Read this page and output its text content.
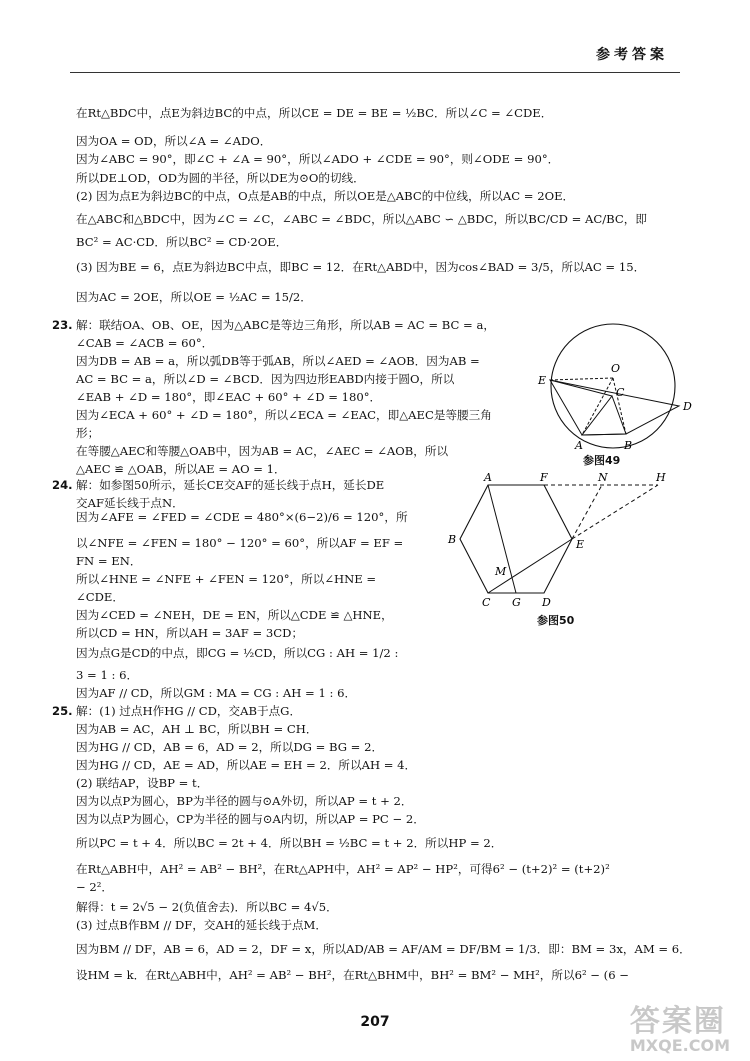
参考答案
在Rt△BDC中，点E为斜边BC的中点，所以CE = DE = BE = ½BC．所以∠C = ∠CDE．
因为OA = OD，所以∠A = ∠ADO．
因为∠ABC = 90°，即∠C + ∠A = 90°，所以∠ADO + ∠CDE = 90°，则∠ODE = 90°．
所以DE⊥OD，OD为圆的半径，所以DE为⊙O的切线．
(2) 因为点E为斜边BC的中点，O点是AB的中点，所以OE是△ABC的中位线，所以AC = 2OE．
在△ABC和△BDC中，因为∠C = ∠C，∠ABC = ∠BDC，所以△ABC ∽ △BDC，所以BC/CD = AC/BC，即
BC² = AC·CD．所以BC² = CD·2OE．
(3) 因为BE = 6，点E为斜边BC中点，即BC = 12．在Rt△ABD中，因为cos∠BAD = 3/5，所以AC = 15．
因为AC = 2OE，所以OE = ½AC = 15/2．
23. 解：联结OA、OB、OE，因为△ABC是等边三角形，所以AB = AC = BC = a，
∠CAB = ∠ACB = 60°．
因为DB = AB = a，所以弧DB等于弧AB，所以∠AED = ∠AOB．因为AB =
AC = BC = a，所以∠D = ∠BCD．因为四边形EABD内接于圆O，所以
∠EAB + ∠D = 180°，即∠EAC + 60° + ∠D = 180°．
因为∠ECA + 60° + ∠D = 180°，所以∠ECA = ∠EAC，即△AEC是等腰三角
形；
在等腰△AEC和等腰△OAB中，因为AB = AC，∠AEC = ∠AOB，所以
△AEC ≌ △OAB，所以AE = AO = 1．
O
E
C
D
A	B
参图49
24. 解：如参图50所示，延长CE交AF的延长线于点H，延长DE
交AF延长线于点N．
因为∠AFE = ∠FED = ∠CDE = 480°×(6−2)/6 = 120°，所
以∠NFE = ∠FEN = 180° − 120° = 60°，所以AF = EF =
FN = EN．
所以∠HNE = ∠NFE + ∠FEN = 120°，所以∠HNE =
∠CDE．
因为∠CED = ∠NEH，DE = EN，所以△CDE ≌ △HNE，
所以CD = HN，所以AH = 3AF = 3CD；
因为点G是CD的中点，即CG = ½CD，所以CG : AH = 1/2 :
3 = 1 : 6．
因为AF // CD，所以GM : MA = CG : AH = 1 : 6．
A	F	N	H
B	E
M
C G D
参图50
25. 解：(1) 过点H作HG // CD，交AB于点G．
因为AB = AC，AH ⊥ BC，所以BH = CH．
因为HG // CD，AB = 6，AD = 2，所以DG = BG = 2．
因为HG // CD，AE = AD，所以AE = EH = 2．所以AH = 4．
(2) 联结AP，设BP = t．
因为以点P为圆心，BP为半径的圆与⊙A外切，所以AP = t + 2．
因为以点P为圆心，CP为半径的圆与⊙A内切，所以AP = PC − 2．
所以PC = t + 4．所以BC = 2t + 4．所以BH = ½BC = t + 2．所以HP = 2．
在Rt△ABH中，AH² = AB² − BH²，在Rt△APH中，AH² = AP² − HP²，可得6² − (t+2)² = (t+2)²
− 2²．
解得：t = 2√5 − 2(负值舍去)．所以BC = 4√5．
(3) 过点B作BM // DF，交AH的延长线于点M．
因为BM // DF，AB = 6，AD = 2，DF = x，所以AD/AB = AF/AM = DF/BM = 1/3．即：BM = 3x，AM = 6．
设HM = k．在Rt△ABH中，AH² = AB² − BH²，在Rt△BHM中，BH² = BM² − MH²，所以6² − (6 −
207	答案圈
MXQE.COM
